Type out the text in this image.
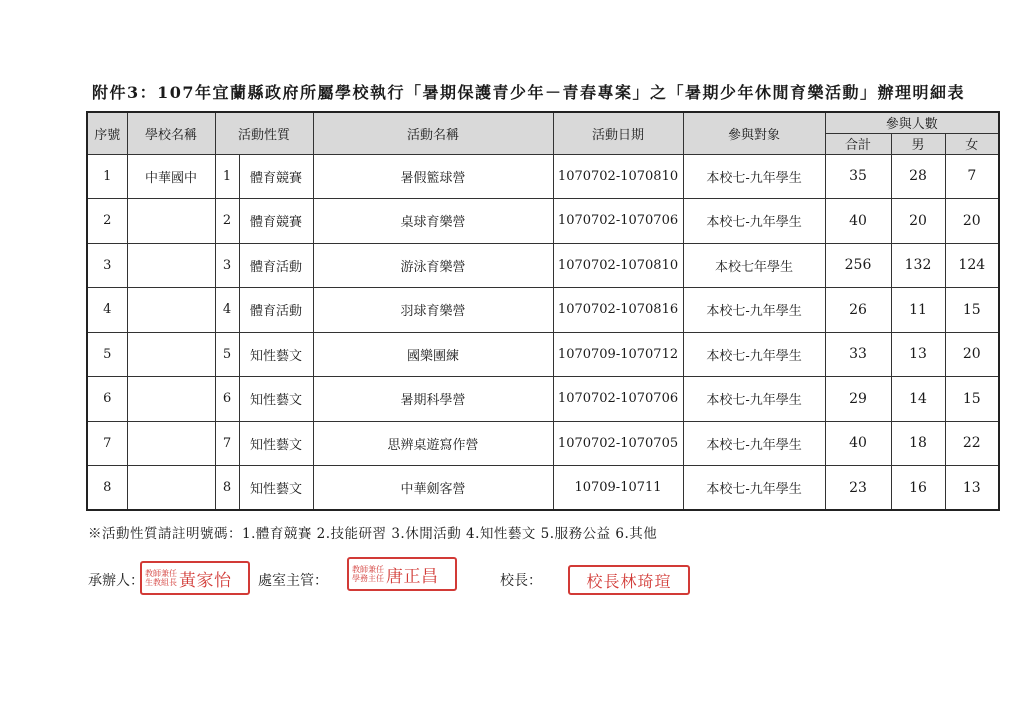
附件3：107年宜蘭縣政府所屬學校執行「暑期保護青少年－青春專案」之「暑期少年休閒育樂活動」辦理明細表
序號	學校名稱	活動性質		活動名稱	活動日期	參與對象	參與人數		
							合計	男	女
1	中華國中	1	體育競賽	暑假籃球營	1070702-1070810	本校七-九年學生	35	28	7
2		2	體育競賽	桌球育樂營	1070702-1070706	本校七-九年學生	40	20	20
3		3	體育活動	游泳育樂營	1070702-1070810	本校七年學生	256	132	124
4		4	體育活動	羽球育樂營	1070702-1070816	本校七-九年學生	26	11	15
5		5	知性藝文	國樂團練	1070709-1070712	本校七-九年學生	33	13	20
6		6	知性藝文	暑期科學營	1070702-1070706	本校七-九年學生	29	14	15
7		7	知性藝文	思辨桌遊寫作營	1070702-1070705	本校七-九年學生	40	18	22
8		8	知性藝文	中華劍客營	10709-10711	本校七-九年學生	23	16	13
※活動性質請註明號碼：1.體育競賽 2.技能研習 3.休閒活動 4.知性藝文 5.服務公益 6.其他
承辦人： 教師兼任
生教組長 黃家怡 處室主管：
教師兼任
學務主任 唐正昌	校長：	校長林琦瑄
